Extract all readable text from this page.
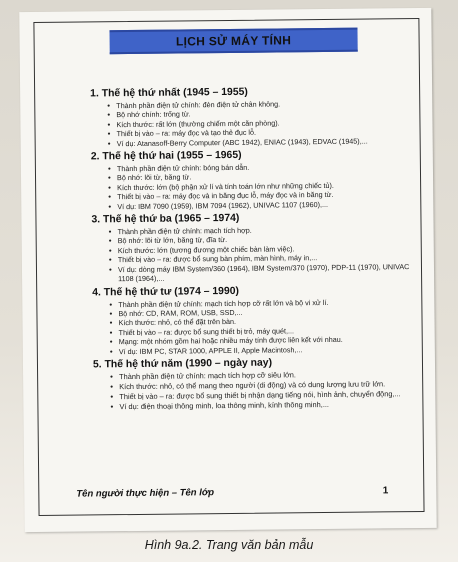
LỊCH SỬ MÁY TÍNH
1. Thế hệ thứ nhất (1945 – 1955)
• Thành phần điện tử chính: đèn điện tử chân không.
• Bộ nhớ chính: trống từ.
• Kích thước: rất lớn (thường chiếm một căn phòng).
• Thiết bị vào – ra: máy đọc và tạo thẻ đục lỗ.
• Ví dụ: Atanasoff-Berry Computer (ABC 1942), ENIAC (1943), EDVAC (1945),...
2. Thế hệ thứ hai (1955 – 1965)
• Thành phần điện tử chính: bóng bán dẫn.
• Bộ nhớ: lõi từ, băng từ.
• Kích thước: lớn (bộ phận xử lí và tính toán lớn như những chiếc tủ).
• Thiết bị vào – ra: máy đọc và in băng đục lỗ, máy đọc và in băng từ.
• Ví dụ: IBM 7090 (1959), IBM 7094 (1962), UNIVAC 1107 (1960),...
3. Thế hệ thứ ba (1965 – 1974)
• Thành phần điện tử chính: mạch tích hợp.
• Bộ nhớ: lõi từ lớn, băng từ, đĩa từ.
• Kích thước: lớn (tương đương một chiếc bàn làm việc).
• Thiết bị vào – ra: được bổ sung bàn phím, màn hình, máy in,...
• Ví dụ: dòng máy IBM System/360 (1964), IBM System/370 (1970), PDP-11 (1970), UNIVAC 1108 (1964),...
4. Thế hệ thứ tư (1974 – 1990)
• Thành phần điện tử chính: mạch tích hợp cỡ rất lớn và bộ vi xử lí.
• Bộ nhớ: CD, RAM, ROM, USB, SSD,...
• Kích thước: nhỏ, có thể đặt trên bàn.
• Thiết bị vào – ra: được bổ sung thiết bị trỏ, máy quét,...
• Mạng: một nhóm gồm hai hoặc nhiều máy tính được liên kết với nhau.
• Ví dụ: IBM PC, STAR 1000, APPLE II, Apple Macintosh,...
5. Thế hệ thứ năm (1990 – ngày nay)
• Thành phần điện tử chính: mạch tích hợp cỡ siêu lớn.
• Kích thước: nhỏ, có thể mang theo người (di động) và có dung lượng lưu trữ lớn.
• Thiết bị vào – ra: được bổ sung thiết bị nhận dạng tiếng nói, hình ảnh, chuyển động,...
• Ví dụ: điện thoại thông minh, loa thông minh, kính thông minh,...
Tên người thực hiện – Tên lớp	1
Hình 9a.2. Trang văn bản mẫu
